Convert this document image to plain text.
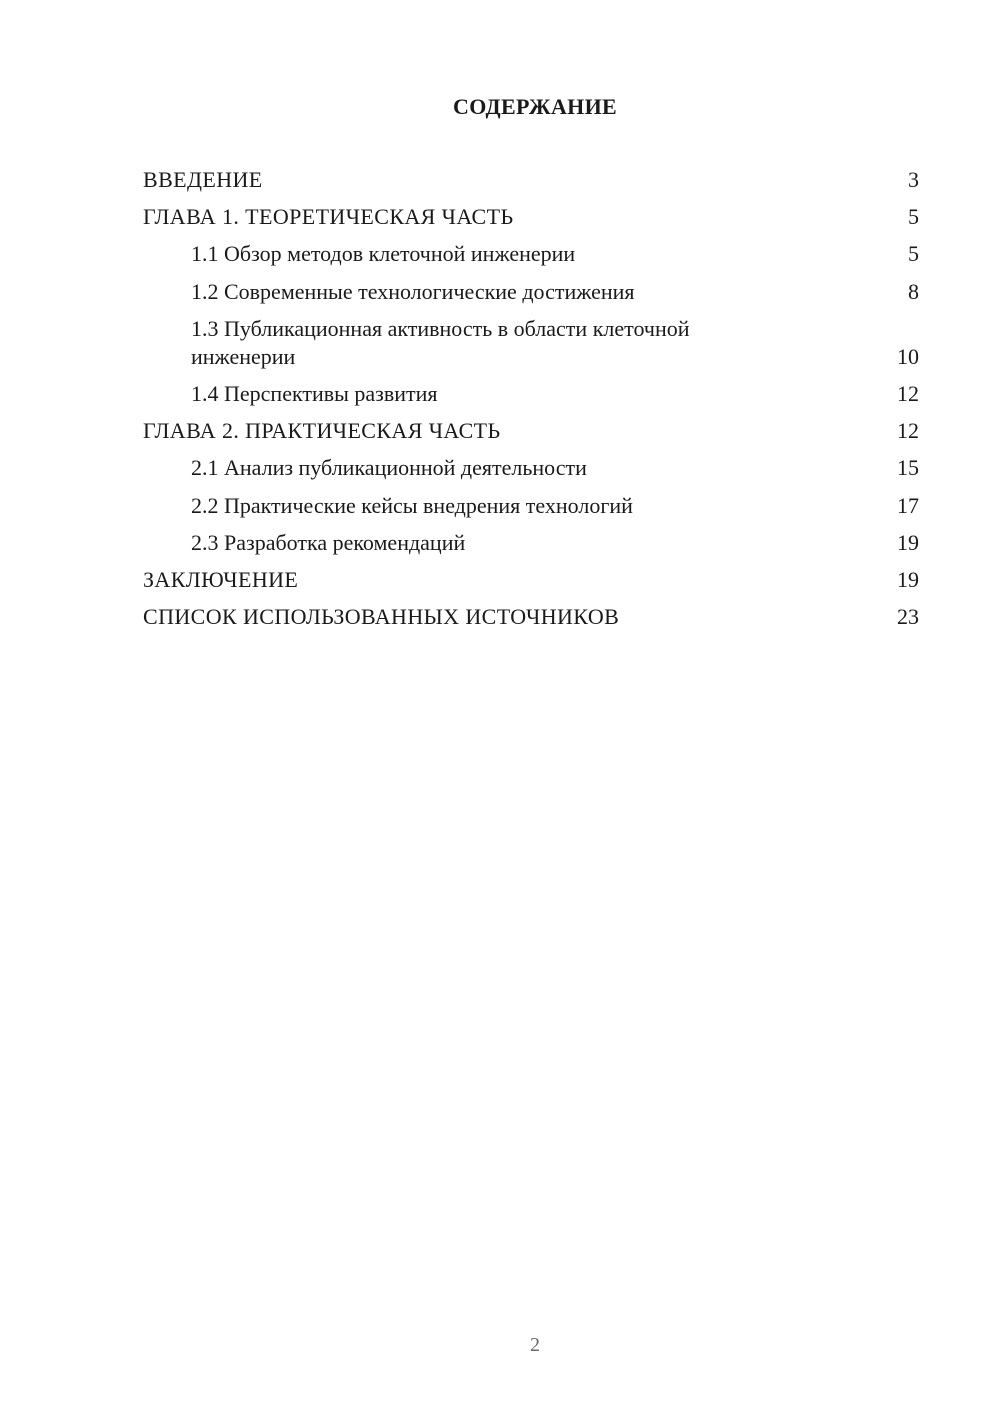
СОДЕРЖАНИЕ
ВВЕДЕНИЕ	3
ГЛАВА 1. ТЕОРЕТИЧЕСКАЯ ЧАСТЬ	5
1.1 Обзор методов клеточной инженерии	5
1.2 Современные технологические достижения	8
1.3 Публикационная активность в области клеточной инженерии	10
1.4 Перспективы развития	12
ГЛАВА 2. ПРАКТИЧЕСКАЯ ЧАСТЬ	12
2.1 Анализ публикационной деятельности	15
2.2 Практические кейсы внедрения технологий	17
2.3 Разработка рекомендаций	19
ЗАКЛЮЧЕНИЕ	19
СПИСОК ИСПОЛЬЗОВАННЫХ ИСТОЧНИКОВ	23
2
